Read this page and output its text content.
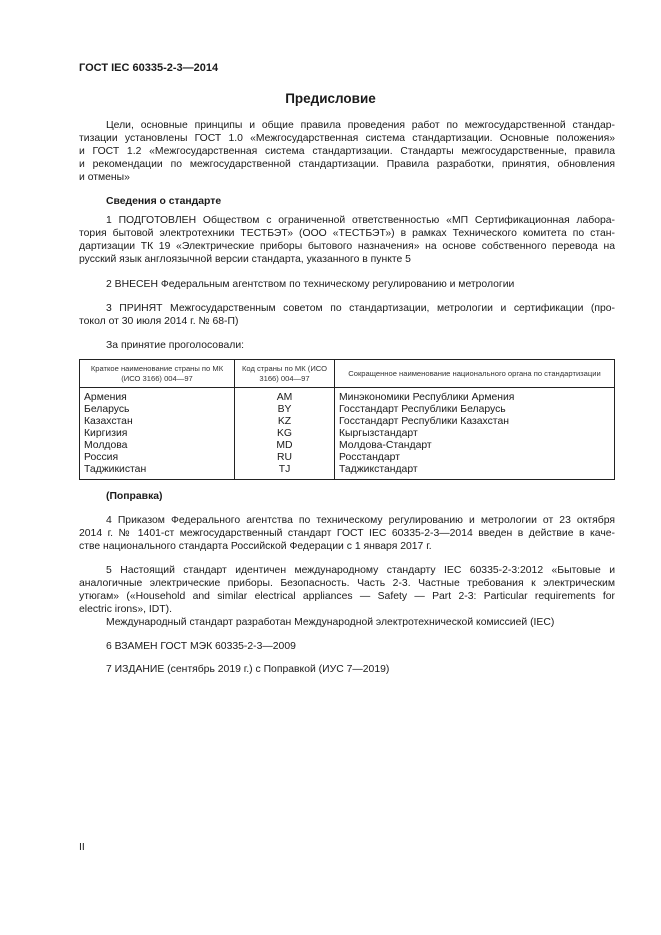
ГОСТ IEC 60335-2-3—2014
Предисловие
Цели, основные принципы и общие правила проведения работ по межгосударственной стандар-
тизации установлены ГОСТ 1.0 «Межгосударственная система стандартизации. Основные положения»
и ГОСТ 1.2 «Межгосударственная система стандартизации. Стандарты межгосударственные, правила
и рекомендации по межгосударственной стандартизации. Правила разработки, принятия, обновления
и отмены»
Сведения о стандарте
1 ПОДГОТОВЛЕН Обществом с ограниченной ответственностью «МП Сертификационная лабора-
тория бытовой электротехники ТЕСТБЭТ» (ООО «ТЕСТБЭТ») в рамках Технического комитета по стан-
дартизации ТК 19 «Электрические приборы бытового назначения» на основе собственного перевода на
русский язык англоязычной версии стандарта, указанного в пункте 5
2 ВНЕСЕН Федеральным агентством по техническому регулированию и метрологии
3 ПРИНЯТ Межгосударственным советом по стандартизации, метрологии и сертификации (про-
токол от 30 июля 2014 г. № 68-П)
За принятие проголосовали:
Краткое наименование страны по МК (ИСО 3166) 004—97	Код страны по МК (ИСО 3166) 004—97	Сокращенное наименование национального органа по стандартизации
Армения	AM	Минэкономики Республики Армения
Беларусь	BY	Госстандарт Республики Беларусь
Казахстан	KZ	Госстандарт Республики Казахстан
Киргизия	KG	Кыргызстандарт
Молдова	MD	Молдова-Стандарт
Россия	RU	Росстандарт
Таджикистан	TJ	Таджикстандарт
(Поправка)
4 Приказом Федерального агентства по техническому регулированию и метрологии от 23 октября
2014 г. № 1401-ст межгосударственный стандарт ГОСТ IEC 60335-2-3—2014 введен в действие в каче-
стве национального стандарта Российской Федерации с 1 января 2017 г.
5 Настоящий стандарт идентичен международному стандарту IEC 60335-2-3:2012 «Бытовые и
аналогичные электрические приборы. Безопасность. Часть 2-3. Частные требования к электрическим
утюгам» («Household and similar electrical appliances — Safety — Part 2-3: Particular requirements for
electric irons», IDT).
Международный стандарт разработан Международной электротехнической комиссией (IEC)
6 ВЗАМЕН ГОСТ МЭК 60335-2-3—2009
7 ИЗДАНИЕ (сентябрь 2019 г.) с Поправкой (ИУС 7—2019)
II
